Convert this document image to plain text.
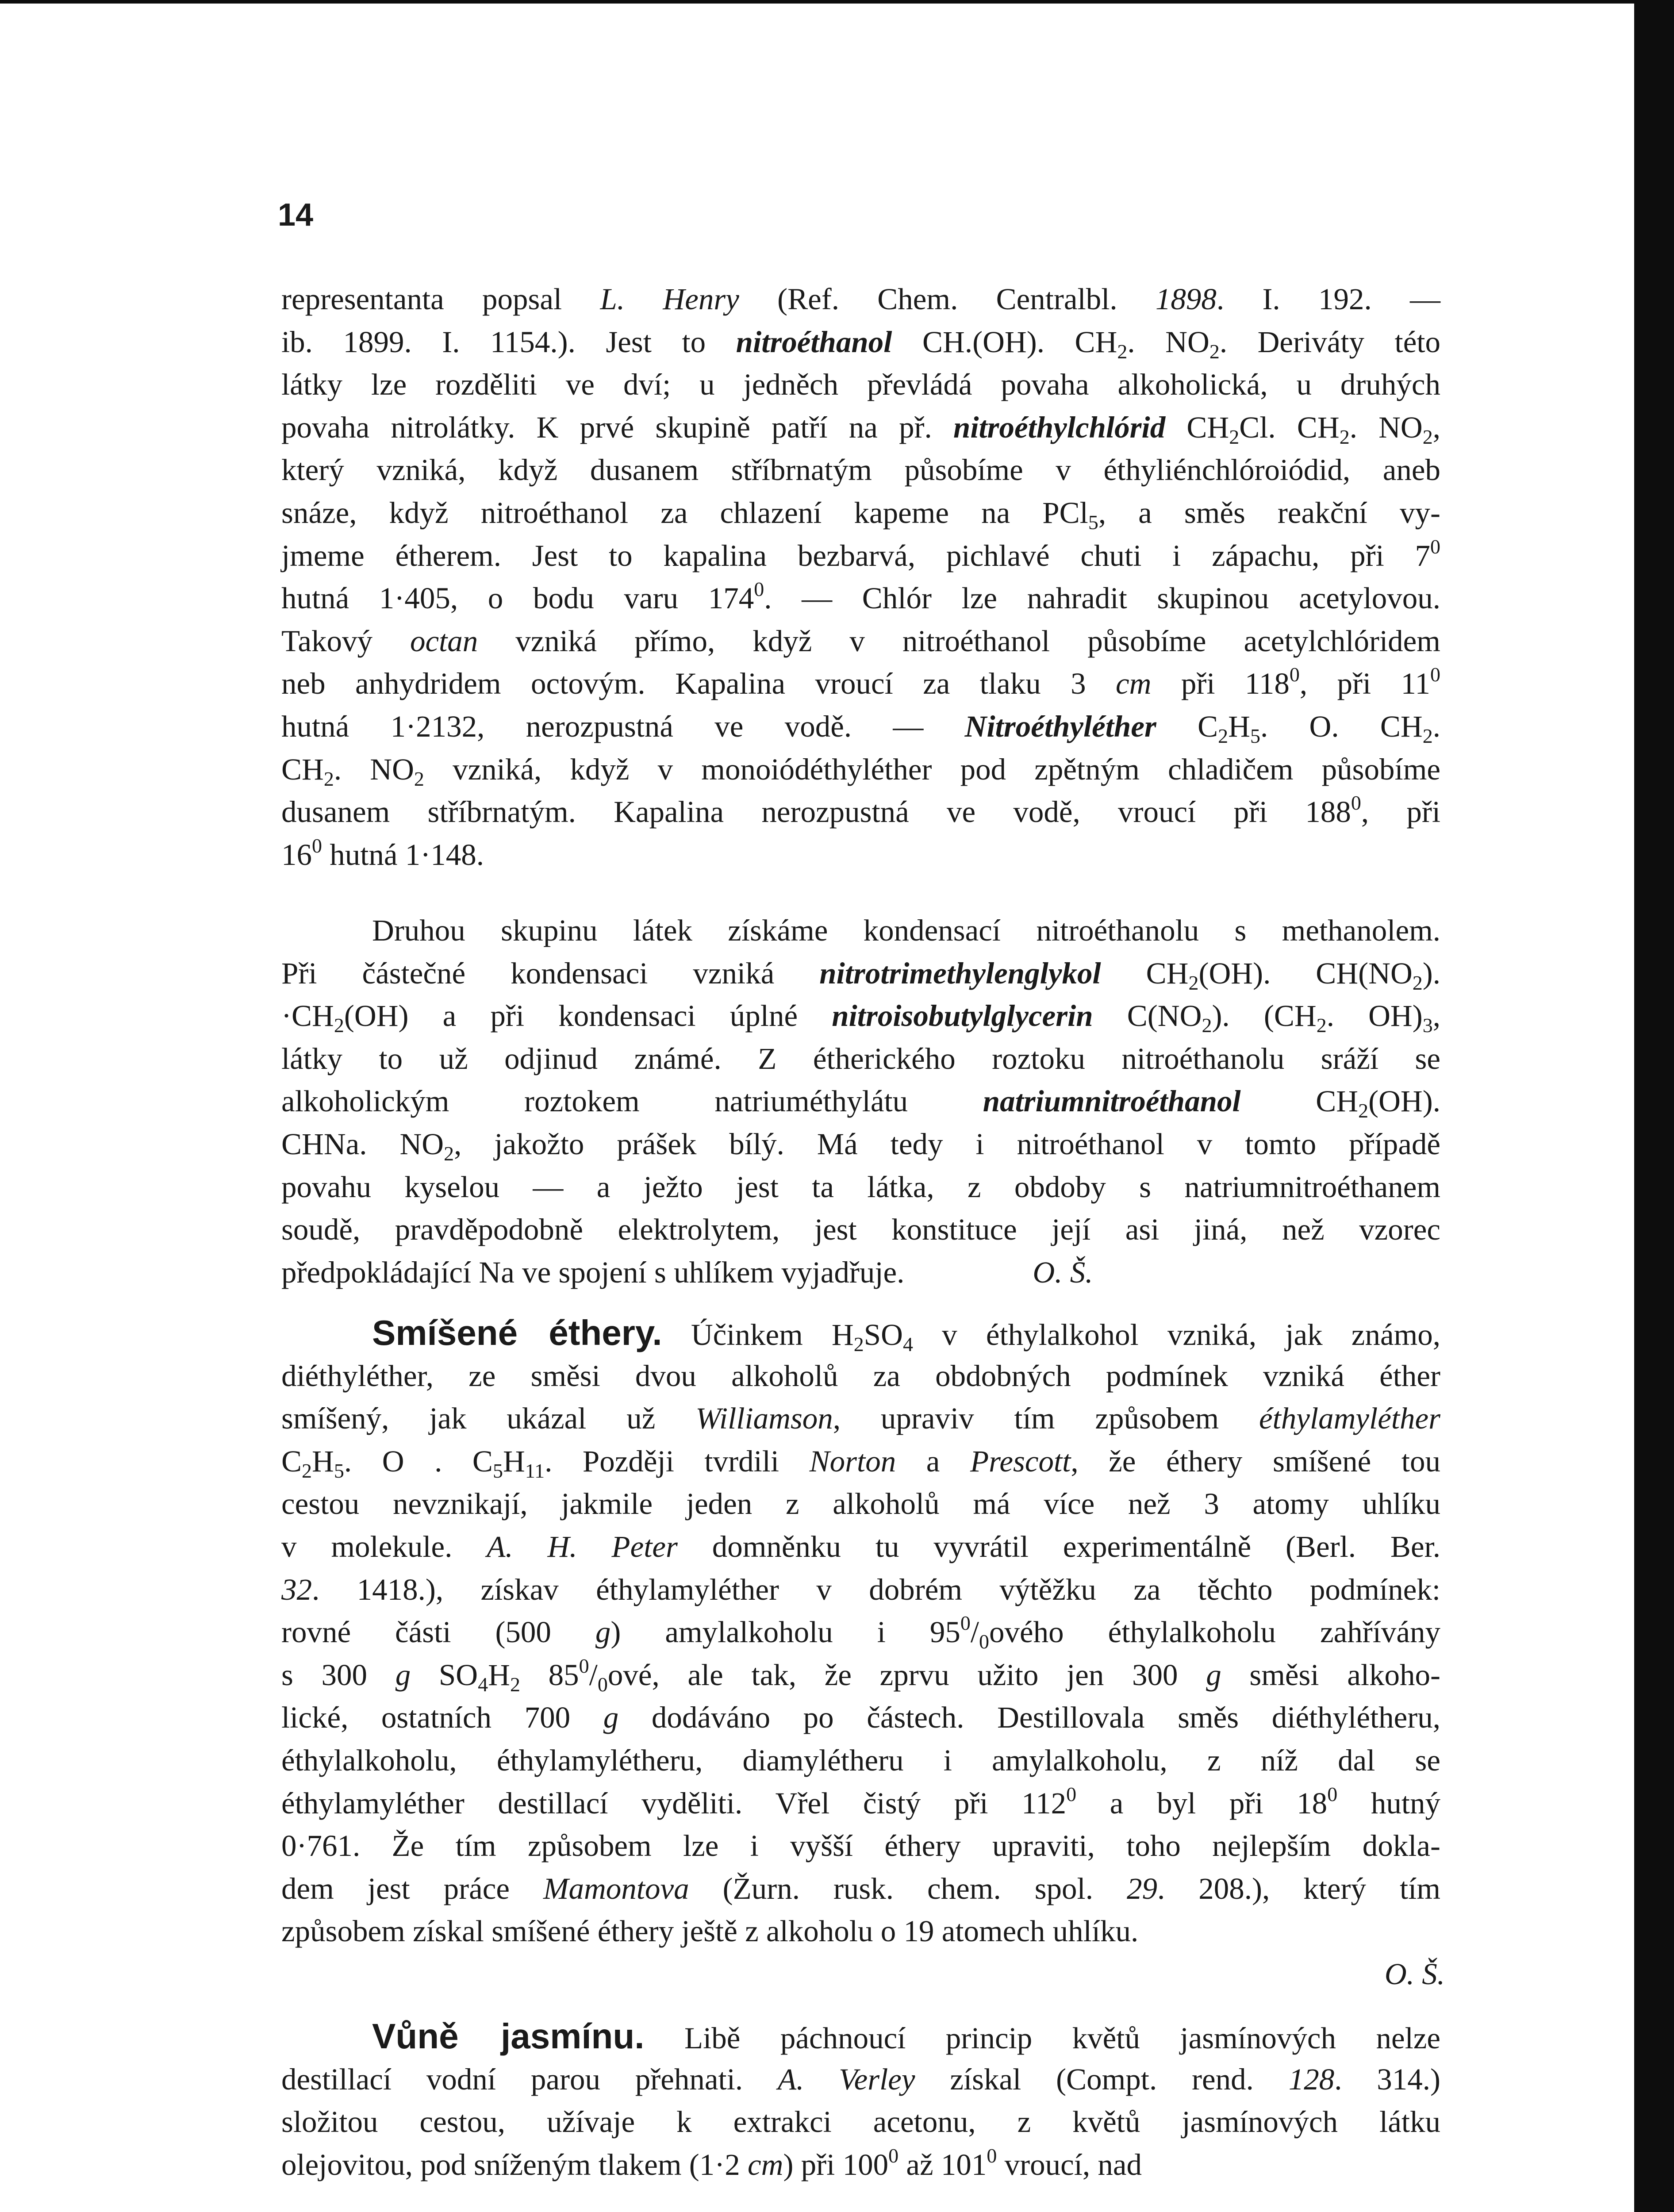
14
representanta popsal L. Henry (Ref. Chem. Centralbl. 1898. I. 192. —
ib. 1899. I. 1154.). Jest to nitroéthanol CH.(OH). $CH_2$. $NO_2$. Deriváty této
látky lze rozděliti ve dví; u jedněch převládá povaha alkoholická, u druhých
povaha nitrolátky. K prvé skupině patří na př. nitroéthylchlórid $CH_2Cl$. $CH_2$. $NO_2$,
který vzniká, když dusanem stříbrnatým působíme v éthyliénchlóroiódid, aneb
snáze, když nitroéthanol za chlazení kapeme na PCl$_5$, a směs reakční vy-
jmeme étherem. Jest to kapalina bezbarvá, pichlavé chuti i zápachu, při $7^0$
hutná 1·405, o bodu varu $174^0$. — Chlór lze nahradit skupinou acetylovou.
Takový octan vzniká přímo, když v nitroéthanol působíme acetylchlóridem
neb anhydridem octovým. Kapalina vroucí za tlaku 3 cm při $118^0$, při $11^0$
hutná 1·2132, nerozpustná ve vodě. — Nitroéthyléther $C_2H_5$. O. $CH_2$.
$CH_2$. $NO_2$ vzniká, když v monoiódéthyléther pod zpětným chladičem působíme
dusanem stříbrnatým. Kapalina nerozpustná ve vodě, vroucí při $188^0$, při
$16^0$ hutná 1·148.
Druhou skupinu látek získáme kondensací nitroéthanolu s methanolem.
Při částečné kondensaci vzniká nitrotrimethylenglykol $CH_2(OH)$. $CH(NO_2)$.
$\cdot CH_2(OH)$ a při kondensaci úplné nitroisobutylglycerin $C(NO_2)$. ($CH_2$. $OH)_3$,
látky to už odjinud známé. Z étherického roztoku nitroéthanolu sráží se
alkoholickým roztokem natriuméthylátu natriumnitroéthanol $CH_2(OH)$.
CHNa. $NO_2$, jakožto prášek bílý. Má tedy i nitroéthanol v tomto případě
povahu kyselou — a ježto jest ta látka, z obdoby s natriumnitroéthanem
soudě, pravděpodobně elektrolytem, jest konstituce její asi jiná, než vzorec
předpokládající Na ve spojení s uhlíkem vyjadřuje.	O. Š.
Smíšené éthery. Účinkem $H_2SO_4$ v éthylalkohol vzniká, jak známo,
diéthyléther, ze směsi dvou alkoholů za obdobných podmínek vzniká éther
smíšený, jak ukázal už Williamson, upraviv tím způsobem éthylamyléther
$C_2H_5$. O . $C_5H_{11}$. Později tvrdili Norton a Prescott, že éthery smíšené tou
cestou nevznikají, jakmile jeden z alkoholů má více než 3 atomy uhlíku
v molekule. A. H. Peter domněnku tu vyvrátil experimentálně (Berl. Ber.
32. 1418.), získav éthylamyléther v dobrém výtěžku za těchto podmínek:
rovné části (500 g) amylalkoholu i $95^0/_0ového$ éthylalkoholu zahřívány
s 300 g $SO_4H_2$ $85^0/_0ové$, ale tak, že zprvu užito jen 300 g směsi alkoho-
lické, ostatních 700 g dodáváno po částech. Destillovala směs diéthylétheru,
éthylalkoholu, éthylamylétheru, diamylétheru i amylalkoholu, z níž dal se
éthylamyléther destillací vyděliti. Vřel čistý při $112^0$ a byl při $18^0$ hutný
0·761. Že tím způsobem lze i vyšší éthery upraviti, toho nejlepším dokla-
dem jest práce Mamontova (Žurn. rusk. chem. spol. 29. 208.), který tím
způsobem získal smíšené éthery ještě z alkoholu o 19 atomech uhlíku.
O. Š.
Vůně jasmínu. Libě páchnoucí princip květů jasmínových nelze
destillací vodní parou přehnati. A. Verley získal (Compt. rend. 128. 314.)
složitou cestou, užívaje k extrakci acetonu, z květů jasmínových látku
olejovitou, pod sníženým tlakem (1·2 cm) při $100^0$ až $101^0$ vroucí, nad
